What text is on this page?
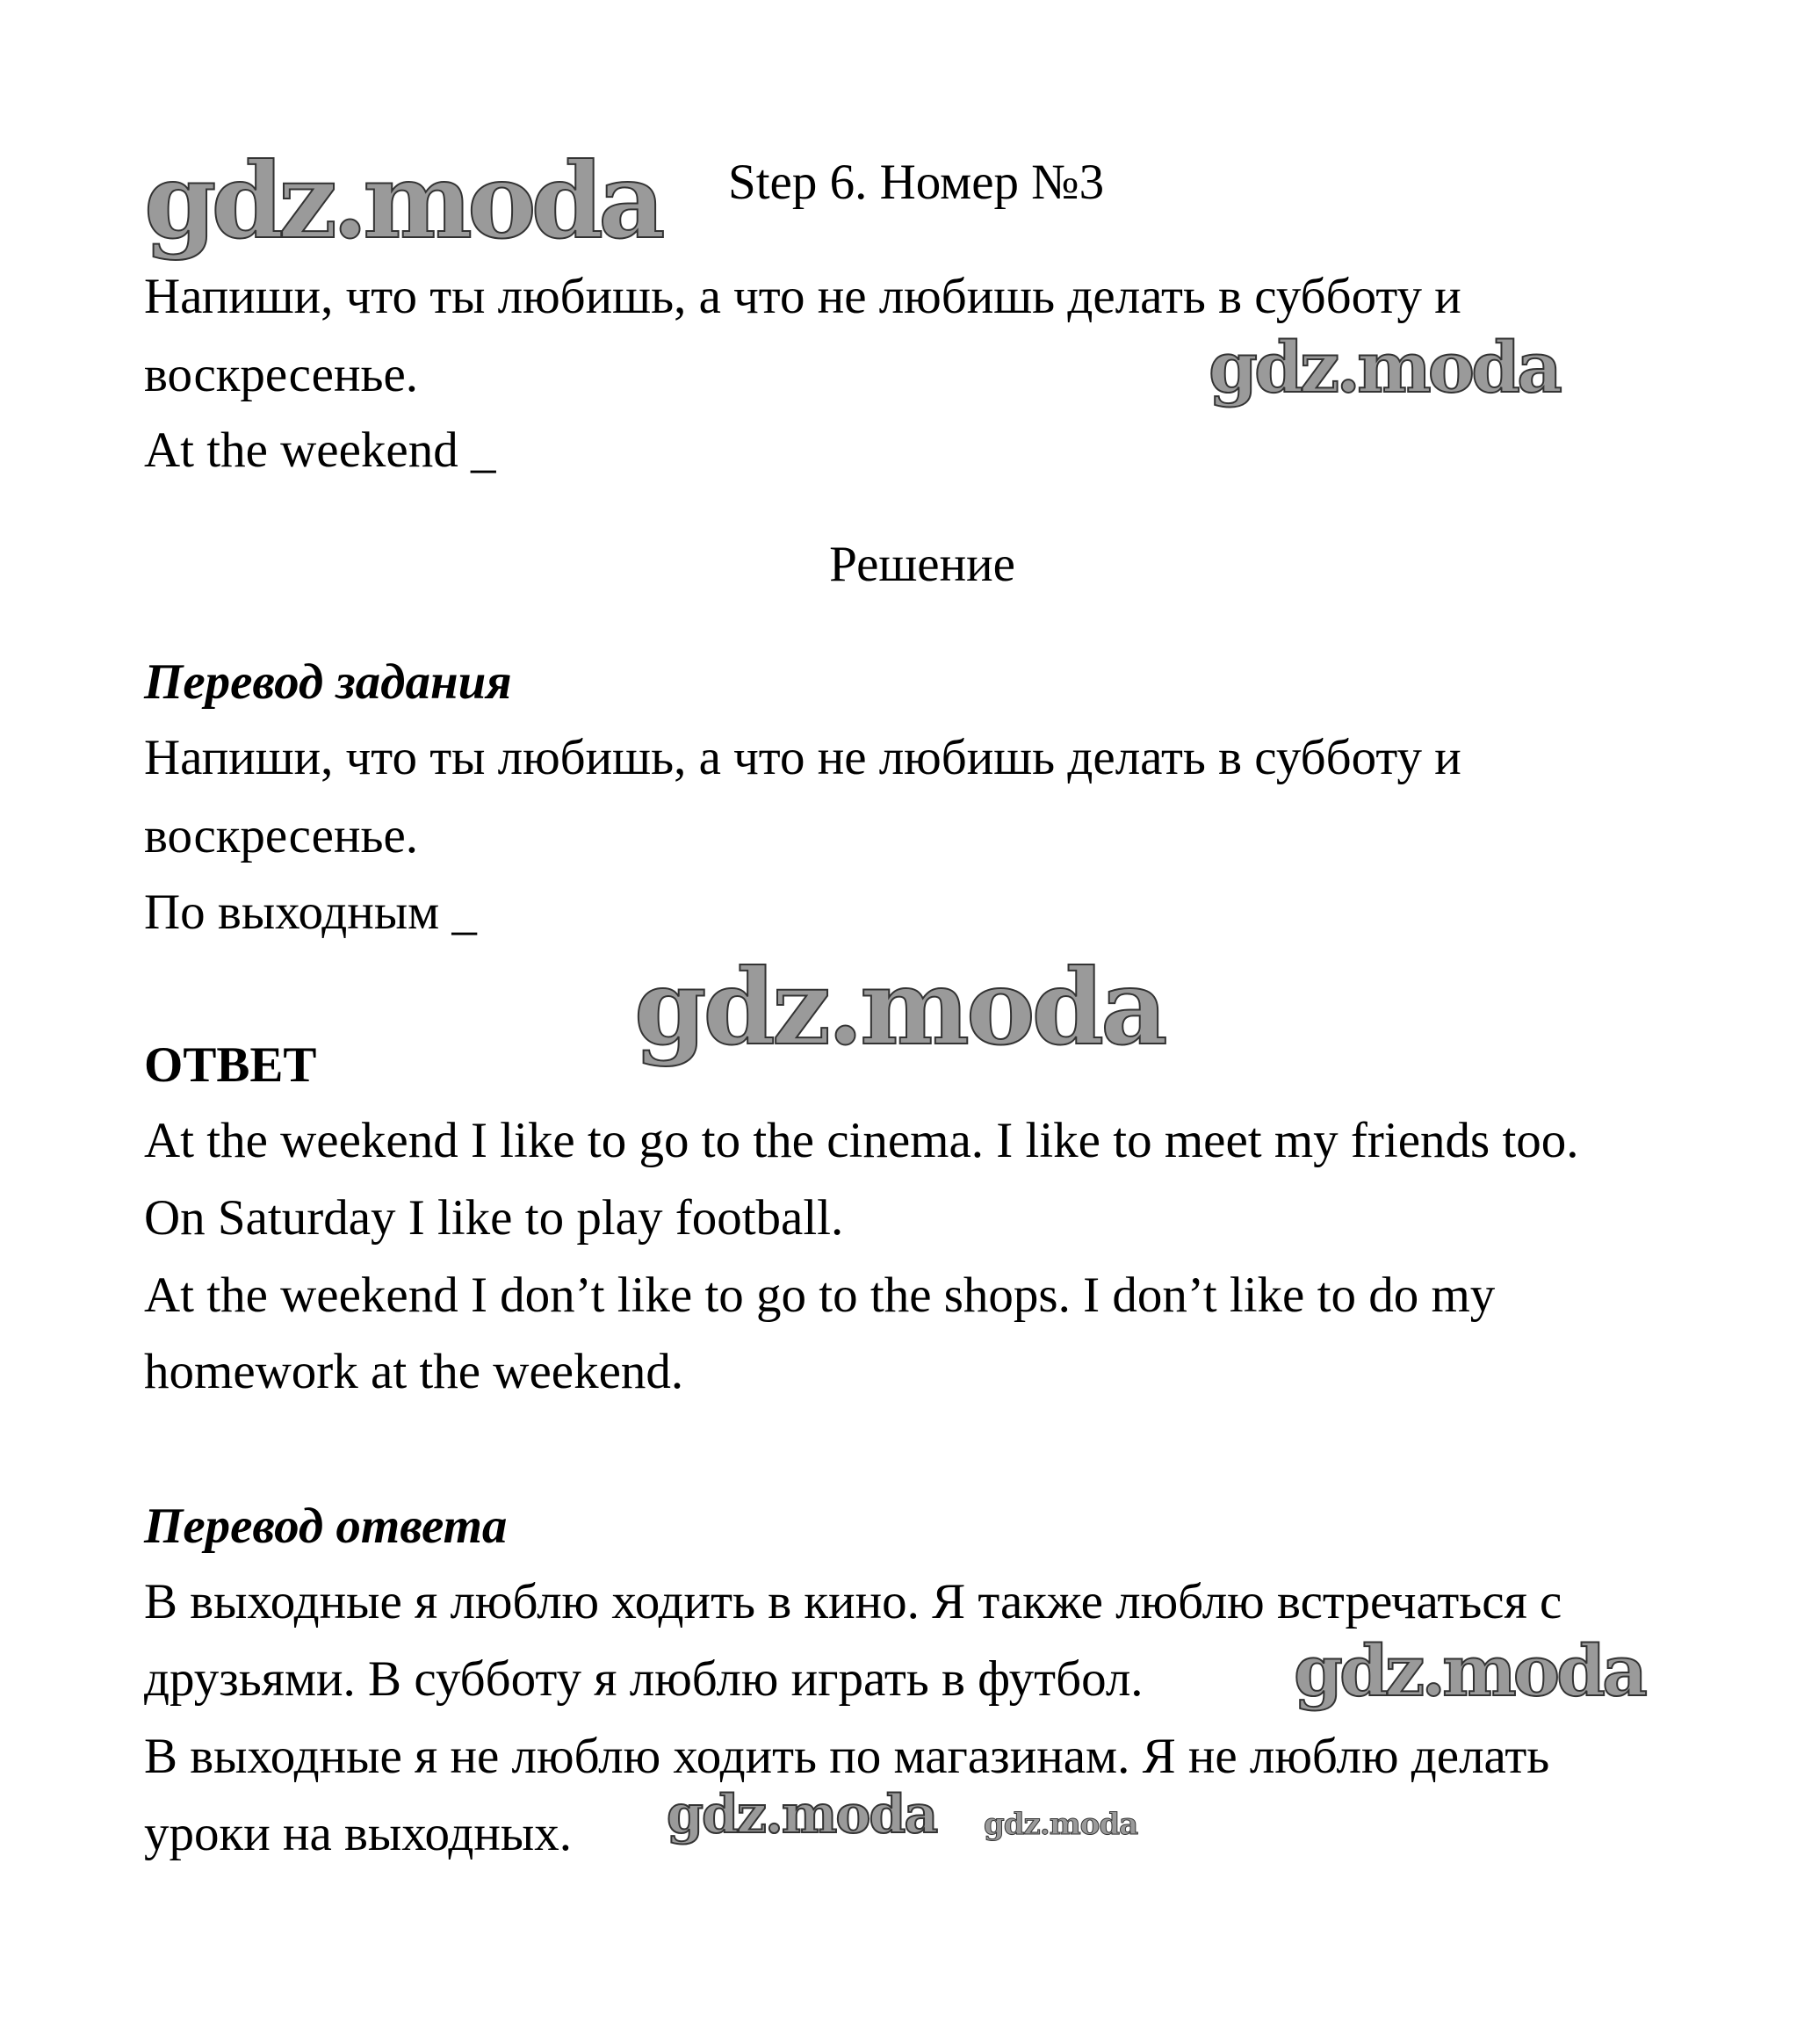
gdz.moda Step 6. Номер №3
Напиши, что ты любишь, а что не любишь делать в субботу и
воскресенье.	gdz.moda
At the weekend _
Решение
Перевод задания
Напиши, что ты любишь, а что не любишь делать в субботу и
воскресенье.
По выходным _
gdz.moda
ОТВЕТ
At the weekend I like to go to the cinema. I like to meet my friends too.
On Saturday I like to play football.
At the weekend I don’t like to go to the shops. I don’t like to do my
homework at the weekend.
Перевод ответа
В выходные я люблю ходить в кино. Я также люблю встречаться с
друзьями. В субботу я люблю играть в футбол. gdz.moda
В выходные я не люблю ходить по магазинам. Я не люблю делать
уроки на выходных. gdz.moda gdz.moda
